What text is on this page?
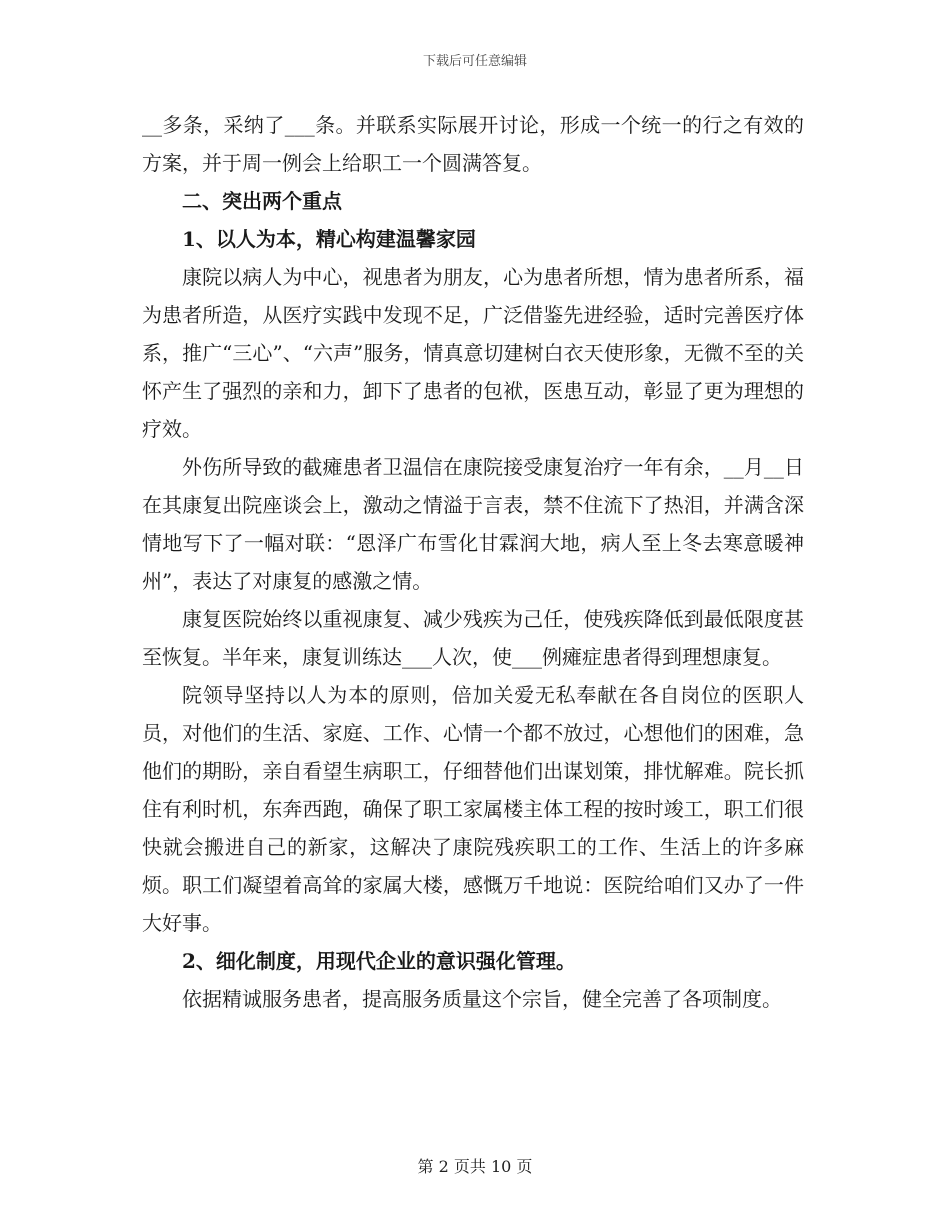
下载后可任意编辑

__多条，采纳了___条。并联系实际展开讨论，形成一个统一的行之有效的方案，并于周一例会上给职工一个圆满答复。

二、突出两个重点

1、以人为本，精心构建温馨家园

康院以病人为中心，视患者为朋友，心为患者所想，情为患者所系，福为患者所造，从医疗实践中发现不足，广泛借鉴先进经验，适时完善医疗体系，推广“三心”、“六声”服务，情真意切建树白衣天使形象，无微不至的关怀产生了强烈的亲和力，卸下了患者的包袱，医患互动，彰显了更为理想的疗效。

外伤所导致的截瘫患者卫温信在康院接受康复治疗一年有余，__月__日在其康复出院座谈会上，激动之情溢于言表，禁不住流下了热泪，并满含深情地写下了一幅对联：“恩泽广布雪化甘霖润大地，病人至上冬去寒意暖神州”，表达了对康复的感激之情。

康复医院始终以重视康复、减少残疾为己任，使残疾降低到最低限度甚至恢复。半年来，康复训练达___人次，使___例瘫症患者得到理想康复。

院领导坚持以人为本的原则，倍加关爱无私奉献在各自岗位的医职人员，对他们的生活、家庭、工作、心情一个都不放过，心想他们的困难，急他们的期盼，亲自看望生病职工，仔细替他们出谋划策，排忧解难。院长抓住有利时机，东奔西跑，确保了职工家属楼主体工程的按时竣工，职工们很快就会搬进自己的新家，这解决了康院残疾职工的工作、生活上的许多麻烦。职工们凝望着高耸的家属大楼，感慨万千地说：医院给咱们又办了一件大好事。

2、细化制度，用现代企业的意识强化管理。

依据精诚服务患者，提高服务质量这个宗旨，健全完善了各项制度。

第 2 页共 10 页
